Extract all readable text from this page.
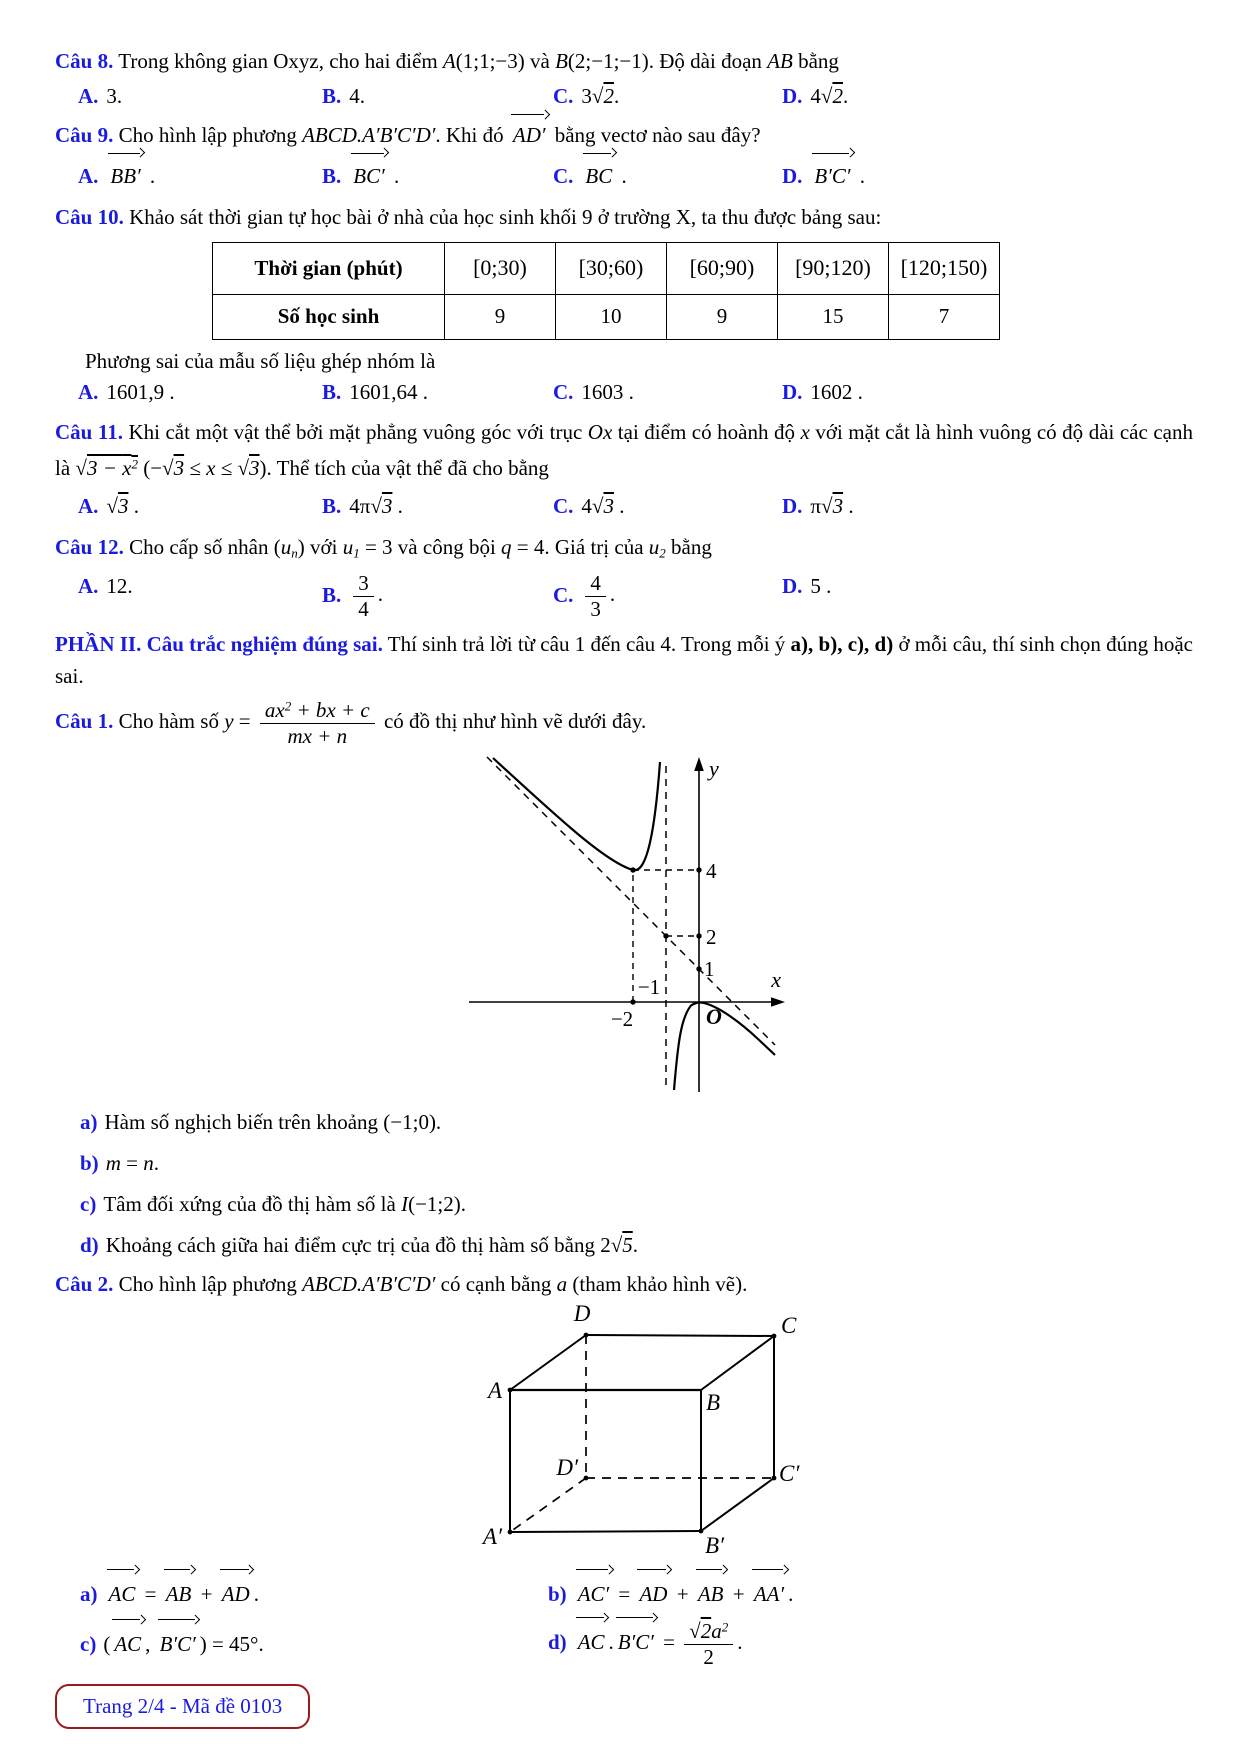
Câu 8. Trong không gian Oxyz, cho hai điểm A(1;1;−3) và B(2;−1;−1). Độ dài đoạn AB bằng

A. 3.	B. 4.	C. 3√2.	D. 4√2.

Câu 9. Cho hình lập phương ABCD.A′B′C′D′. Khi đó AD′ bằng vectơ nào sau đây?

A. BB′ .	B. BC′ .	C. BC .	D. B′C′ .

Câu 10. Khảo sát thời gian tự học bài ở nhà của học sinh khối 9 ở trường X, ta thu được bảng sau:

Thời gian (phút)	[0;30)	[30;60)	[60;90)	[90;120)	[120;150)
Số học sinh	9	10	9	15	7

Phương sai của mẫu số liệu ghép nhóm là

A. 1601,9 .	B. 1601,64 .	C. 1603 .	D. 1602 .

Câu 11. Khi cắt một vật thể bởi mặt phẳng vuông góc với trục Ox tại điểm có hoành độ x với mặt cắt là hình vuông có độ dài các cạnh là $√3 - x^2$ (−√3 ≤ x ≤ √3). Thể tích của vật thể đã cho bằng

A. √3 .	B. 4π√3 .	C. 4√3 .	D. π√3 .

Câu 12. Cho cấp số nhân $(u_n)$ với $u_1 = 3$ và công bội q = 4. Giá trị của $u_2$ bằng

A. 12.	B. $\frac{3}{4}$ .	C. $\frac{4}{3}$ .	D. 5 .

PHẦN II. Câu trắc nghiệm đúng sai. Thí sinh trả lời từ câu 1 đến câu 4. Trong mỗi ý a), b), c), d) ở mỗi câu, thí sinh chọn đúng hoặc sai.

Câu 1. Cho hàm số $y = \frac{ax^2 + bx + c}{mx + n}$ có đồ thị như hình vẽ dưới đây.

y
x
O
4
2
1
−1
−2

a) Hàm số nghịch biến trên khoảng (−1;0).

b) m = n.

c) Tâm đối xứng của đồ thị hàm số là I(−1;2).

d) Khoảng cách giữa hai điểm cực trị của đồ thị hàm số bằng 2√5.

Câu 2. Cho hình lập phương ABCD.A′B′C′D′ có cạnh bằng a (tham khảo hình vẽ).

D	C
A	B
D′	C′
A′	B′
a) AC = AB + AD .	b) AC′ = AD + AB + AA′ .
c) ( AC , B′C′ ) = 45°.	d) AC . $B'C' = \frac{√2a^2}{2}$ .
Trang 2/4 - Mã đề 0103
